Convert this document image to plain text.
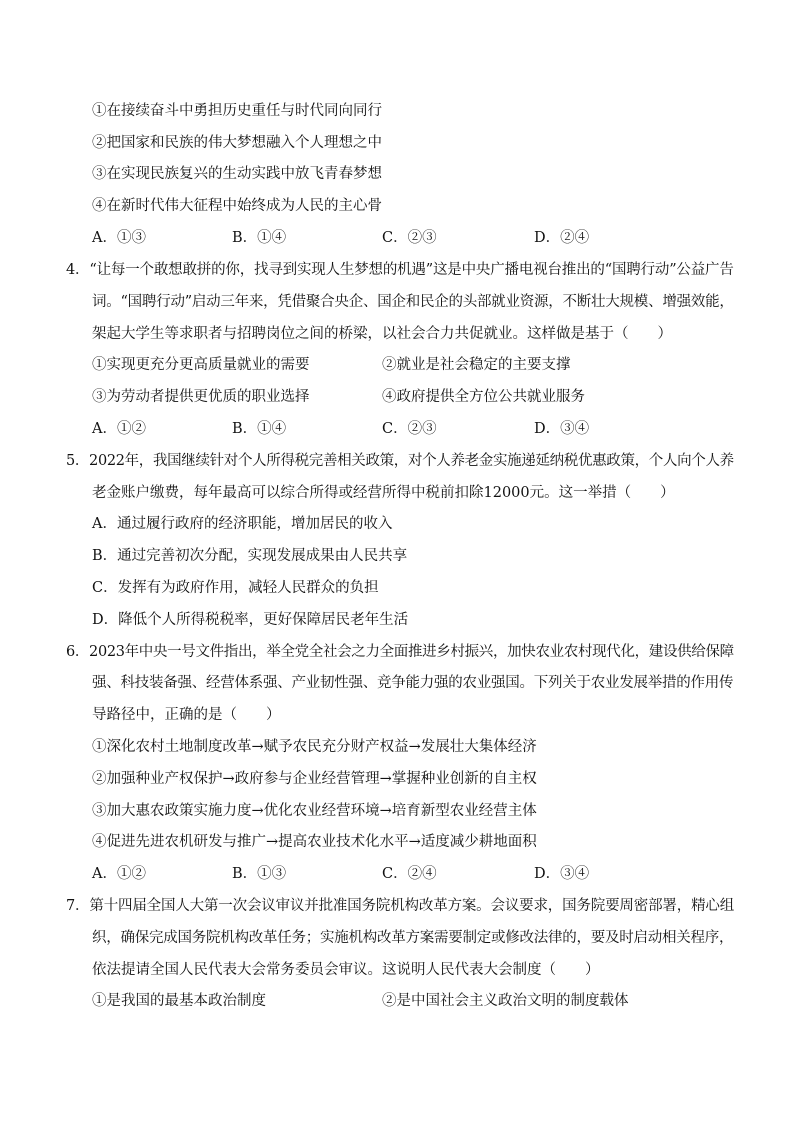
①在接续奋斗中勇担历史重任与时代同向同行
②把国家和民族的伟大梦想融入个人理想之中
③在实现民族复兴的生动实践中放飞青春梦想
④在新时代伟大征程中始终成为人民的主心骨
A．①③	B．①④	C．②③	D．②④
4．“让每一个敢想敢拼的你，找寻到实现人生梦想的机遇”这是中央广播电视台推出的“国聘行动”公益广告
词。“国聘行动”启动三年来，凭借聚合央企、国企和民企的头部就业资源，不断壮大规模、增强效能，
架起大学生等求职者与招聘岗位之间的桥梁，以社会合力共促就业。这样做是基于（　　）
①实现更充分更高质量就业的需要	②就业是社会稳定的主要支撑
③为劳动者提供更优质的职业选择	④政府提供全方位公共就业服务
A．①②	B．①④	C．②③	D．③④
5．2022年，我国继续针对个人所得税完善相关政策，对个人养老金实施递延纳税优惠政策，个人向个人养
老金账户缴费，每年最高可以综合所得或经营所得中税前扣除12000元。这一举措（　　）
A．通过履行政府的经济职能，增加居民的收入
B．通过完善初次分配，实现发展成果由人民共享
C．发挥有为政府作用，减轻人民群众的负担
D．降低个人所得税税率，更好保障居民老年生活
6．2023年中央一号文件指出，举全党全社会之力全面推进乡村振兴，加快农业农村现代化，建设供给保障
强、科技装备强、经营体系强、产业韧性强、竞争能力强的农业强国。下列关于农业发展举措的作用传
导路径中，正确的是（　　）
①深化农村土地制度改革→赋予农民充分财产权益→发展壮大集体经济
②加强种业产权保护→政府参与企业经营管理→掌握种业创新的自主权
③加大惠农政策实施力度→优化农业经营环境→培育新型农业经营主体
④促进先进农机研发与推广→提高农业技术化水平→适度减少耕地面积
A．①②	B．①③	C．②④	D．③④
7．第十四届全国人大第一次会议审议并批准国务院机构改革方案。会议要求，国务院要周密部署，精心组
织，确保完成国务院机构改革任务；实施机构改革方案需要制定或修改法律的，要及时启动相关程序，
依法提请全国人民代表大会常务委员会审议。这说明人民代表大会制度（　　）
①是我国的最基本政治制度	②是中国社会主义政治文明的制度载体
